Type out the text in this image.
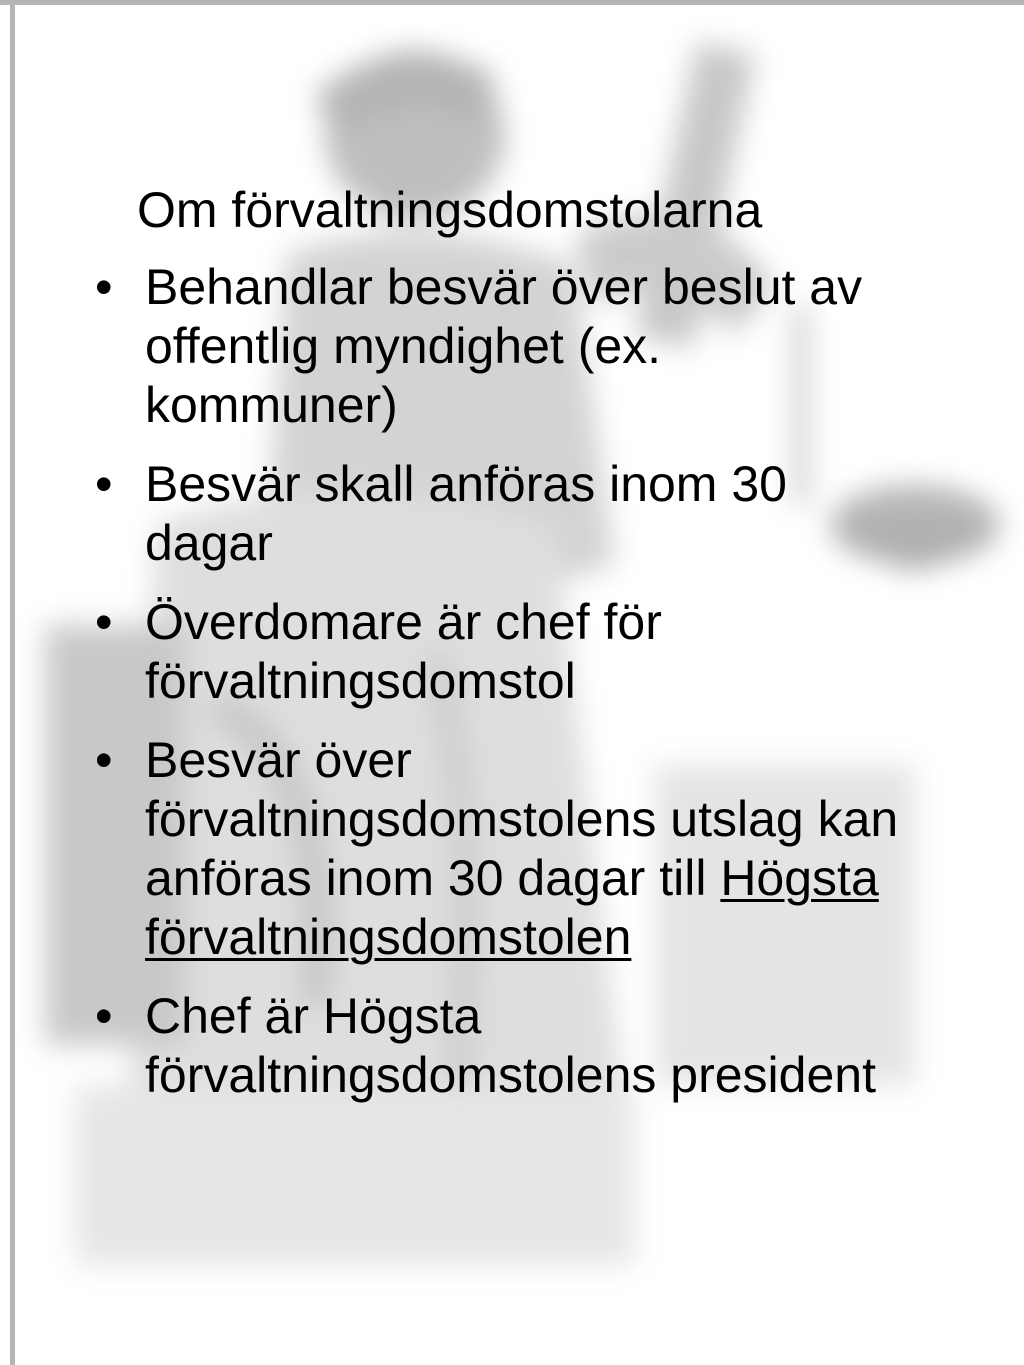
Om förvaltningsdomstolarna
• Behandlar besvär över beslut av offentlig myndighet (ex. kommuner)
• Besvär skall anföras inom 30 dagar
• Överdomare är chef för förvaltningsdomstol
• Besvär över förvaltningsdomstolens utslag kan anföras inom 30 dagar till Högsta förvaltningsdomstolen
• Chef är Högsta förvaltningsdomstolens president
